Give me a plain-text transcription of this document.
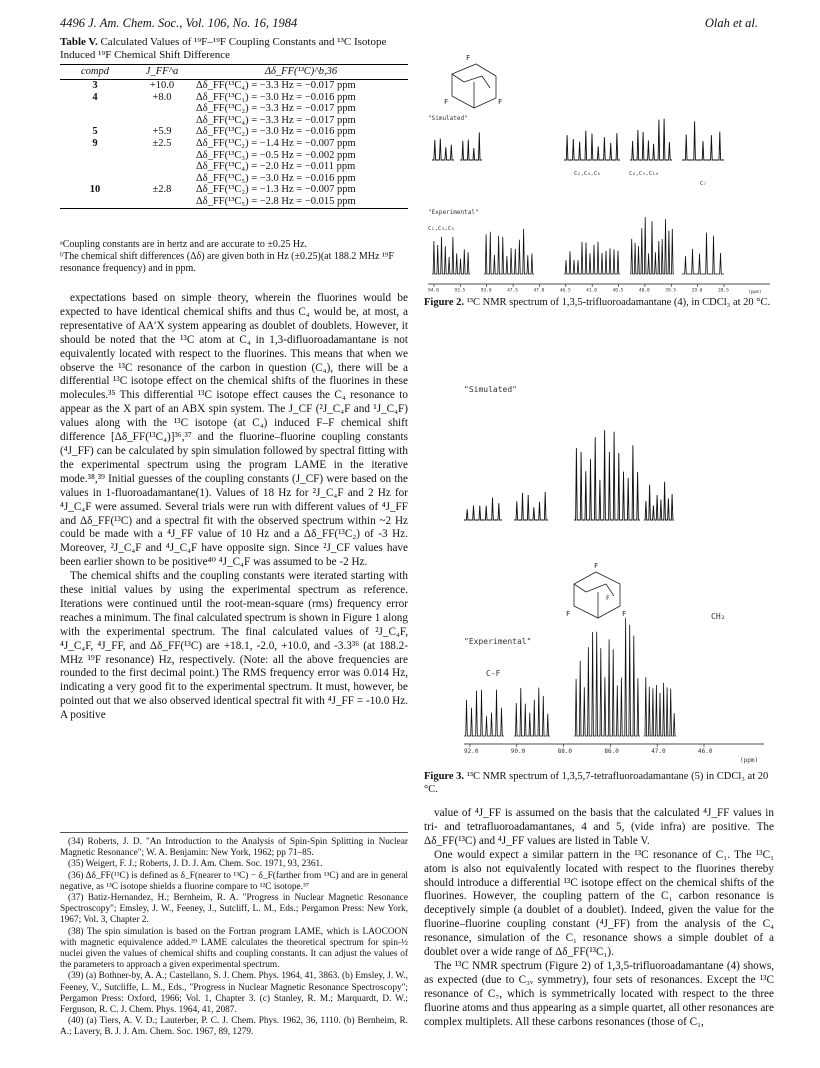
4496 J. Am. Chem. Soc., Vol. 106, No. 16, 1984	Olah et al.
Table V. Calculated Values of ¹⁹F–¹⁹F Coupling Constants and ¹³C Isotope Induced ¹⁹F Chemical Shift Difference
compd	J_FF^a	Δδ_FF(¹³C)^b,36
3	+10.0	Δδ_FF(¹³C₄) = −3.3 Hz = −0.017 ppm
4	+8.0	Δδ_FF(¹³C₁) = −3.0 Hz = −0.016 ppm
		Δδ_FF(¹³C₂) = −3.3 Hz = −0.017 ppm
		Δδ_FF(¹³C₄) = −3.3 Hz = −0.017 ppm
5	+5.9	Δδ_FF(¹³C₂) = −3.0 Hz = −0.016 ppm
9	±2.5	Δδ_FF(¹³C₂) = −1.4 Hz = −0.007 ppm
		Δδ_FF(¹³C₃) = −0.5 Hz = −0.002 ppm
		Δδ_FF(¹³C₄) = −2.0 Hz = −0.011 ppm
		Δδ_FF(¹³C₅) = −3.0 Hz = −0.016 ppm
10	±2.8	Δδ_FF(¹³C₂) = −1.3 Hz = −0.007 ppm
		Δδ_FF(¹³C₅) = −2.8 Hz = −0.015 ppm
ᵃCoupling constants are in hertz and are accurate to ±0.25 Hz.
ᵇThe chemical shift differences (Δδ) are given both in Hz (±0.25)(at 188.2 MHz ¹⁹F resonance frequency) and in ppm.

expectations based on simple theory, wherein the fluorines would be expected to have identical chemical shifts and thus C₄ would be, at most, a representative of AA′X system appearing as doublet of doublets. However, it should be noted that the ¹³C atom at C₄ in 1,3-difluoroadamantane is not equivalently located with respect to the fluorines. This means that when we observe the ¹³C resonance of the carbon in question (C₄), there will be a differential ¹³C isotope effect on the chemical shifts of the fluorines in these molecules.³⁵ This differential ¹³C isotope effect causes the C₄ resonance to appear as the X part of an ABX spin system. The J_CF (²J_C₄F and ¹J_C₄F) values along with the ¹³C isotope (at C₄) induced F–F chemical shift difference [Δδ_FF(¹³C₄)]³⁶,³⁷ and the fluorine–fluorine coupling constants (⁴J_FF) can be calculated by spin simulation followed by spectral fitting with the experimental spectrum using the program LAME in the iterative mode.³⁸,³⁹ Initial guesses of the coupling constants (J_CF) were based on the values in 1-fluoroadamantane(1). Values of 18 Hz for ²J_C₄F and 2 Hz for ⁴J_C₄F were assumed. Several trials were run with different values of ⁴J_FF and Δδ_FF(¹³C) and a spectral fit with the observed spectrum within ~2 Hz could be made with a ⁴J_FF value of 10 Hz and a Δδ_FF(¹³C₂) of -3 Hz. Moreover, ²J_C₄F and ⁴J_C₄F have opposite sign. Since ²J_CF values have been earlier shown to be positive⁴⁰ ⁴J_C₄F was assumed to be -2 Hz.

The chemical shifts and the coupling constants were iterated starting with these initial values by using the experimental spectrum as reference. Iterations were continued until the root-mean-square (rms) frequency error reaches a minimum. The final calculated spectrum is shown in Figure 1 along with the experimental spectrum. The final calculated values of ²J_C₄F, ⁴J_C₄F, ⁴J_FF, and Δδ_FF(¹³C) are +18.1, -2.0, +10.0, and -3.3³⁶ (at 188.2-MHz ¹⁹F resonance) Hz, respectively. (Note: all the above frequencies are rounded to the first decimal point.) The RMS frequency error was 0.014 Hz, indicating a very good fit to the experimental spectrum. It must, however, be pointed out that we also observed identical spectral fit with ⁴J_FF = -10.0 Hz. A positive

(34) Roberts, J. D. "An Introduction to the Analysis of Spin-Spin Splitting in Nuclear Magnetic Resonance"; W. A. Benjamin: New York, 1962; pp 71–85.

(35) Weigert, F. J.; Roberts, J. D. J. Am. Chem. Soc. 1971, 93, 2361.

(36) Δδ_FF(¹³C) is defined as δ_F(nearer to ¹³C) − δ_F(farther from ¹³C) and are in general negative, as ¹³C isotope shields a fluorine compare to ¹²C isotope.³⁷

(37) Batiz-Hernandez, H.; Bernheim, R. A. "Progress in Nuclear Magnetic Resonance Spectroscopy"; Emsley, J. W., Feeney, J., Sutcliff, L. M., Eds.; Pergamon Press: New York, 1967; Vol. 3, Chapter 2.

(38) The spin simulation is based on the Fortran program LAME, which is LAOCOON with magnetic equivalence added.³⁹ LAME calculates the theoretical spectrum for spin-½ nuclei given the values of chemical shifts and coupling constants. It can adjust the values of the parameters to approach a given experimental spectrum.

(39) (a) Bothner-by, A. A.; Castellano, S. J. Chem. Phys. 1964, 41, 3863. (b) Emsley, J. W., Feeney, V., Sutcliffe, L. M., Eds., "Progress in Nuclear Magnetic Resonance Spectroscopy"; Pergamon Press: Oxford, 1966; Vol. 1, Chapter 3. (c) Stanley, R. M.; Marquardt, D. W.; Ferguson, R. C. J. Chem. Phys. 1964, 41, 2087.

(40) (a) Tiers, A. V. D.; Lauterber, P. C. J. Chem. Phys. 1962, 36, 1110. (b) Bernheim, R. A.; Lavery, B. J. J. Am. Chem. Soc. 1967, 89, 1279.

F
F	F
"Simulated"
C₂,C₄,C₆	C₈,C₉,C₁₀
C₇
"Experimental"
C₁,C₃,C₅
94.0	93.5	93.0	47.5	47.0	46.5	41.0	40.5	40.0	39.5	29.0	28.5	(ppm)
Figure 2. ¹³C NMR spectrum of 1,3,5-trifluoroadamantane (4), in CDCl₃ at 20 °C.
"Simulated"
F
F	F
F
CH₂
"Experimental"
C-F
92.0	90.0	88.0	86.0	47.0	46.0
(ppm)
Figure 3. ¹³C NMR spectrum of 1,3,5,7-tetrafluoroadamantane (5) in CDCl₃ at 20 °C.

value of ⁴J_FF is assumed on the basis that the calculated ⁴J_FF values in tri- and tetrafluoroadamantanes, 4 and 5, (vide infra) are positive. The Δδ_FF(¹³C) and ⁴J_FF values are listed in Table V.

One would expect a similar pattern in the ¹³C resonance of C₁. The ¹³C₁ atom is also not equivalently located with respect to the fluorines thereby should introduce a differential ¹³C isotope effect on the chemical shifts of the fluorines. However, the coupling pattern of the C₁ carbon resonance is deceptively simple (a doublet of a doublet). Indeed, given the value for the fluorine–fluorine coupling constant (⁴J_FF) from the analysis of the C₄ resonance, simulation of the C₁ resonance shows a simple doublet of a doublet over a wide range of Δδ_FF(¹³C₁).

The ¹³C NMR spectrum (Figure 2) of 1,3,5-trifluoroadamantane (4) shows, as expected (due to C₃ᵥ symmetry), four sets of resonances. Except the ¹³C resonance of C₇, which is symmetrically located with respect to the three fluorine atoms and thus appearing as a simple quartet, all other resonances are complex multiplets. All these carbons resonances (those of C₁,
